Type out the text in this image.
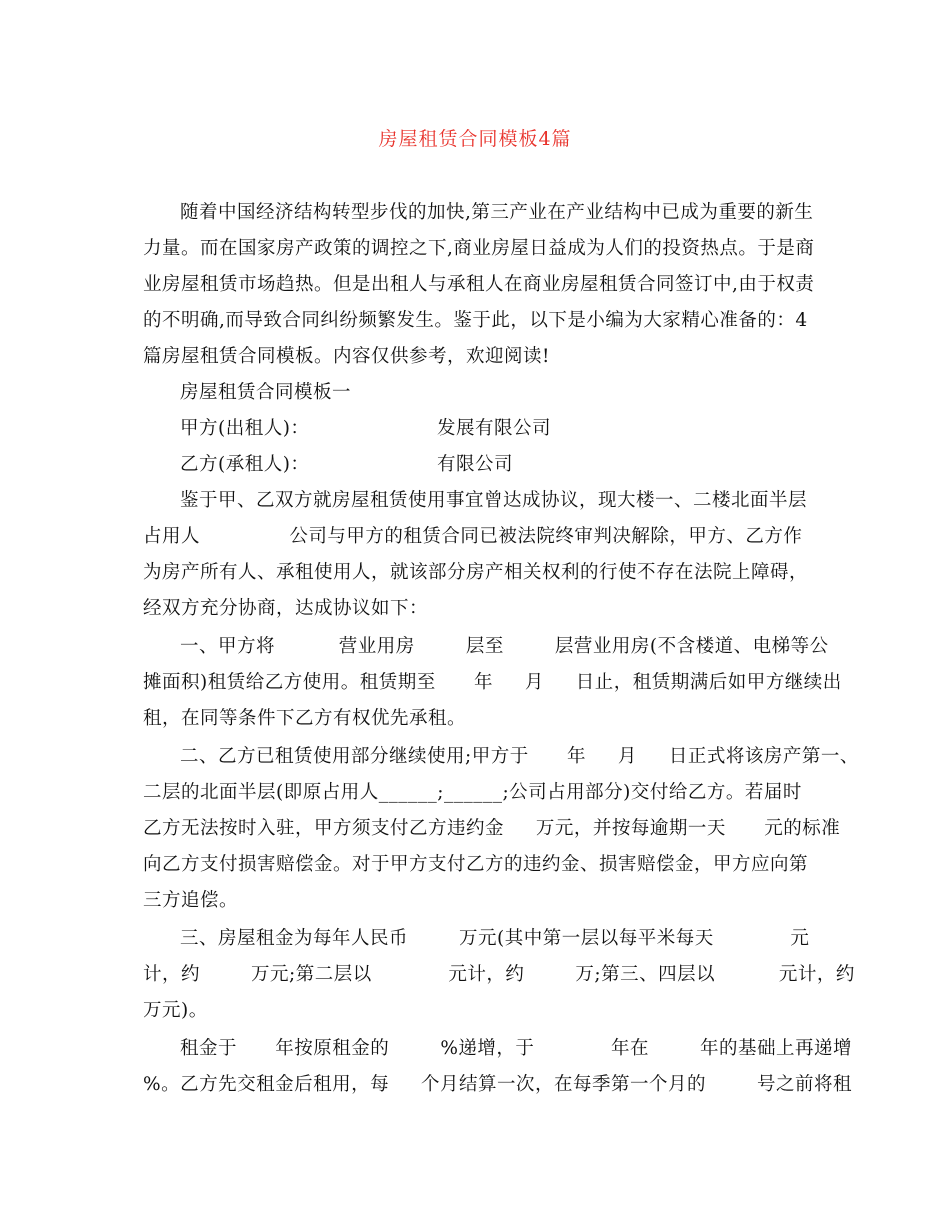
房屋租赁合同模板4篇
随着中国经济结构转型步伐的加快,第三产业在产业结构中已成为重要的新生
力量。而在国家房产政策的调控之下,商业房屋日益成为人们的投资热点。于是商
业房屋租赁市场趋热。但是出租人与承租人在商业房屋租赁合同签订中,由于权责
的不明确,而导致合同纠纷频繁发生。鉴于此，以下是小编为大家精心准备的：4
篇房屋租赁合同模板。内容仅供参考，欢迎阅读!
房屋租赁合同模板一
甲方(出租人)：                    发展有限公司
乙方(承租人)：                    有限公司
鉴于甲、乙双方就房屋租赁使用事宜曾达成协议，现大楼一、二楼北面半层
占用人              公司与甲方的租赁合同已被法院终审判决解除，甲方、乙方作
为房产所有人、承租使用人，就该部分房产相关权利的行使不存在法院上障碍，
经双方充分协商，达成协议如下：
一、甲方将          营业用房        层至        层营业用房(不含楼道、电梯等公
摊面积)租赁给乙方使用。租赁期至      年     月     日止，租赁期满后如甲方继续出
租，在同等条件下乙方有权优先承租。
二、乙方已租赁使用部分继续使用;甲方于      年     月     日正式将该房产第一、
二层的北面半层(即原占用人______;______;公司占用部分)交付给乙方。若届时
乙方无法按时入驻，甲方须支付乙方违约金     万元，并按每逾期一天      元的标准
向乙方支付损害赔偿金。对于甲方支付乙方的违约金、损害赔偿金，甲方应向第
三方追偿。
三、房屋租金为每年人民币        万元(其中第一层以每平米每天            元
计，约        万元;第二层以            元计，约        万;第三、四层以          元计，约
万元)。
租金于      年按原租金的        %递增，于            年在        年的基础上再递增
%。乙方先交租金后租用，每     个月结算一次，在每季第一个月的        号之前将租
